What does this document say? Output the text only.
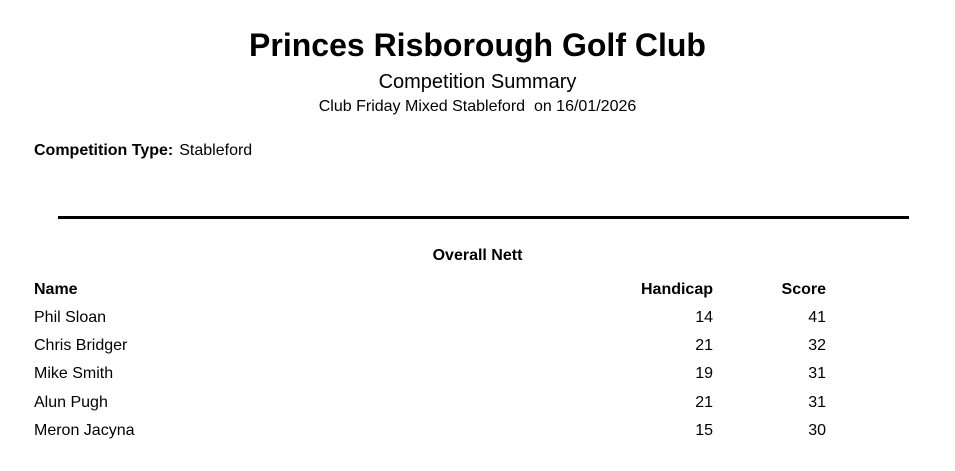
Princes Risborough Golf Club
Competition Summary
Club Friday Mixed Stableford  on 16/01/2026
Competition Type: Stableford
Overall Nett
Name	Handicap	Score
Phil Sloan	14	41
Chris Bridger	21	32
Mike Smith	19	31
Alun Pugh	21	31
Meron Jacyna	15	30
